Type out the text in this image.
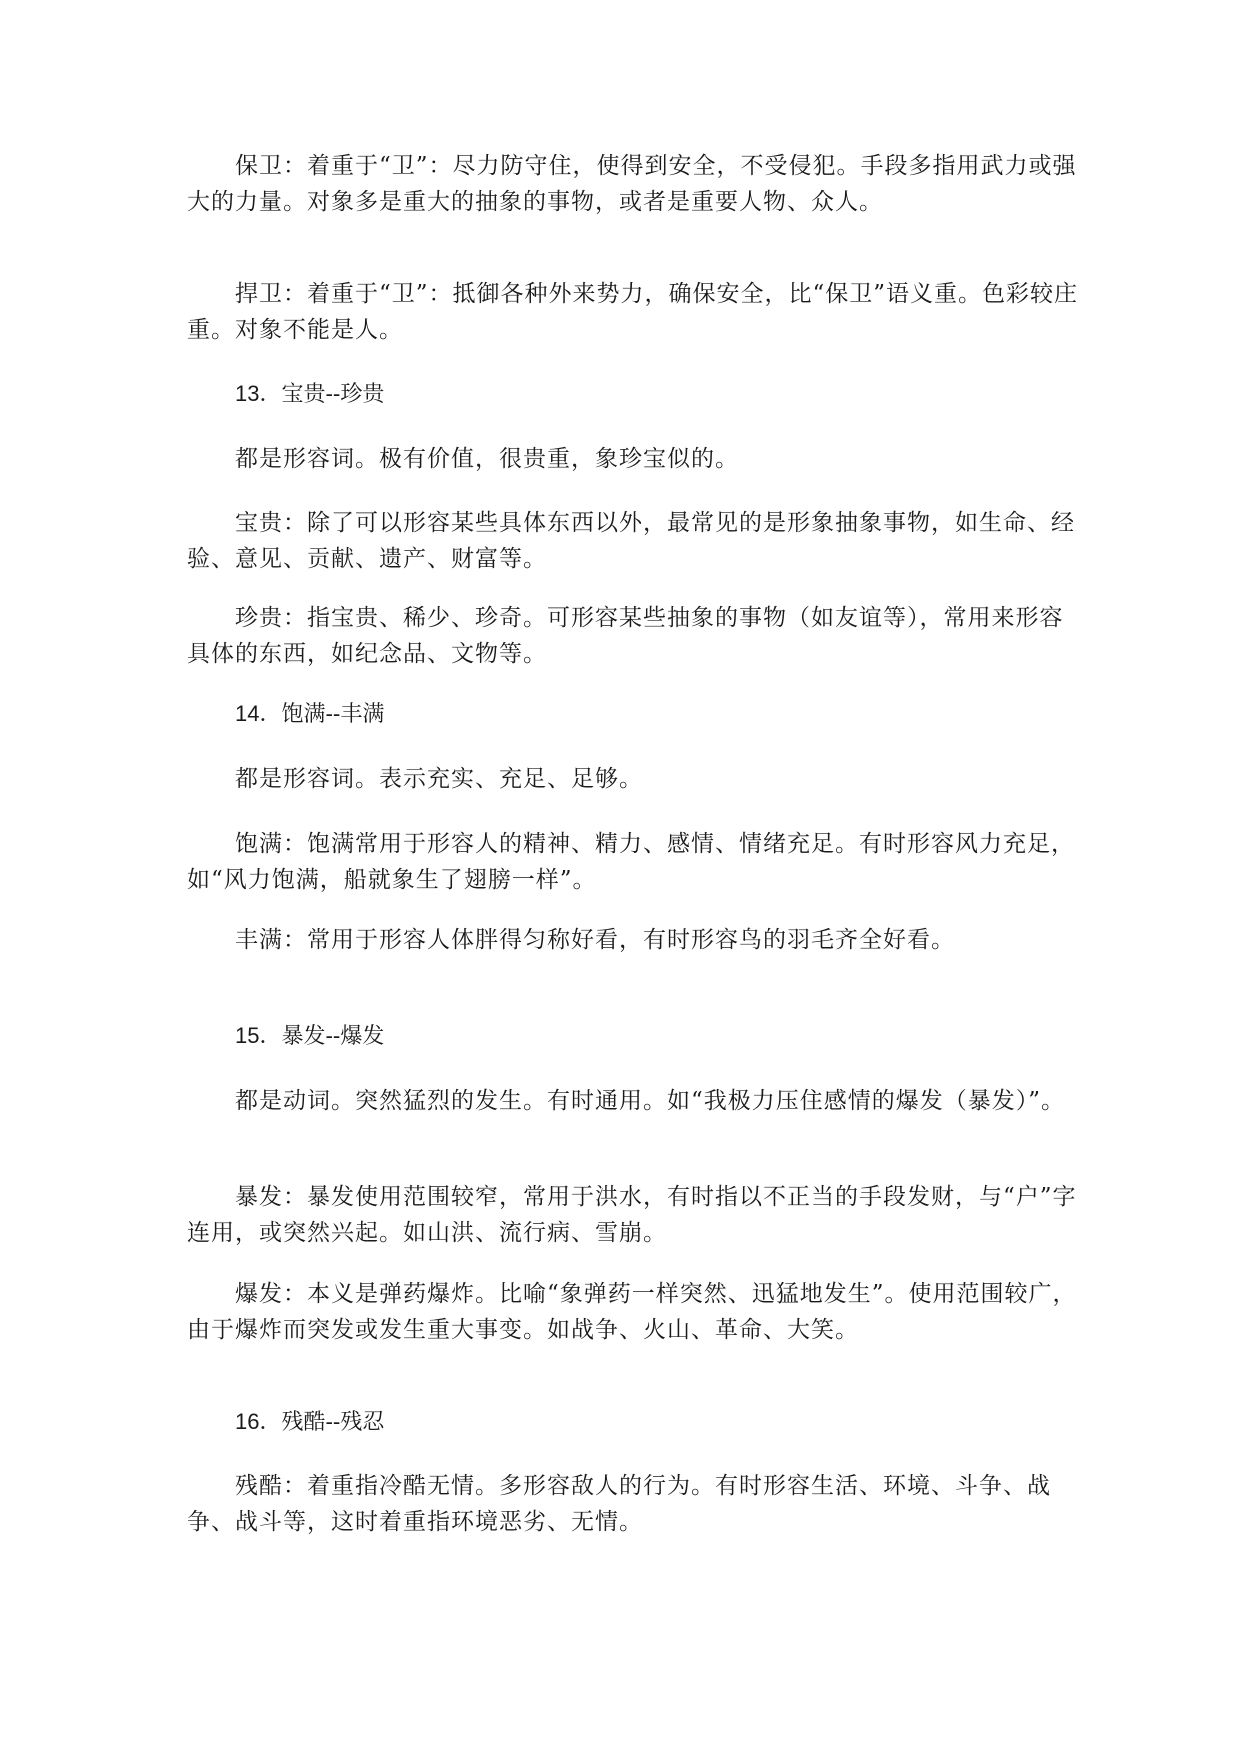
保卫：着重于“卫”：尽力防守住，使得到安全，不受侵犯。手段多指用武力或强大的力量。对象多是重大的抽象的事物，或者是重要人物、众人。

捍卫：着重于“卫”：抵御各种外来势力，确保安全，比“保卫”语义重。色彩较庄重。对象不能是人。

13．宝贵--珍贵

都是形容词。极有价值，很贵重，象珍宝似的。

宝贵：除了可以形容某些具体东西以外，最常见的是形象抽象事物，如生命、经验、意见、贡献、遗产、财富等。

珍贵：指宝贵、稀少、珍奇。可形容某些抽象的事物（如友谊等），常用来形容具体的东西，如纪念品、文物等。

14．饱满--丰满

都是形容词。表示充实、充足、足够。

饱满：饱满常用于形容人的精神、精力、感情、情绪充足。有时形容风力充足，如“风力饱满，船就象生了翅膀一样”。

丰满：常用于形容人体胖得匀称好看，有时形容鸟的羽毛齐全好看。

15．暴发--爆发

都是动词。突然猛烈的发生。有时通用。如“我极力压住感情的爆发（暴发）”。

暴发：暴发使用范围较窄，常用于洪水，有时指以不正当的手段发财，与“户”字连用，或突然兴起。如山洪、流行病、雪崩。

爆发：本义是弹药爆炸。比喻“象弹药一样突然、迅猛地发生”。使用范围较广，由于爆炸而突发或发生重大事变。如战争、火山、革命、大笑。

16．残酷--残忍

残酷：着重指冷酷无情。多形容敌人的行为。有时形容生活、环境、斗争、战争、战斗等，这时着重指环境恶劣、无情。
